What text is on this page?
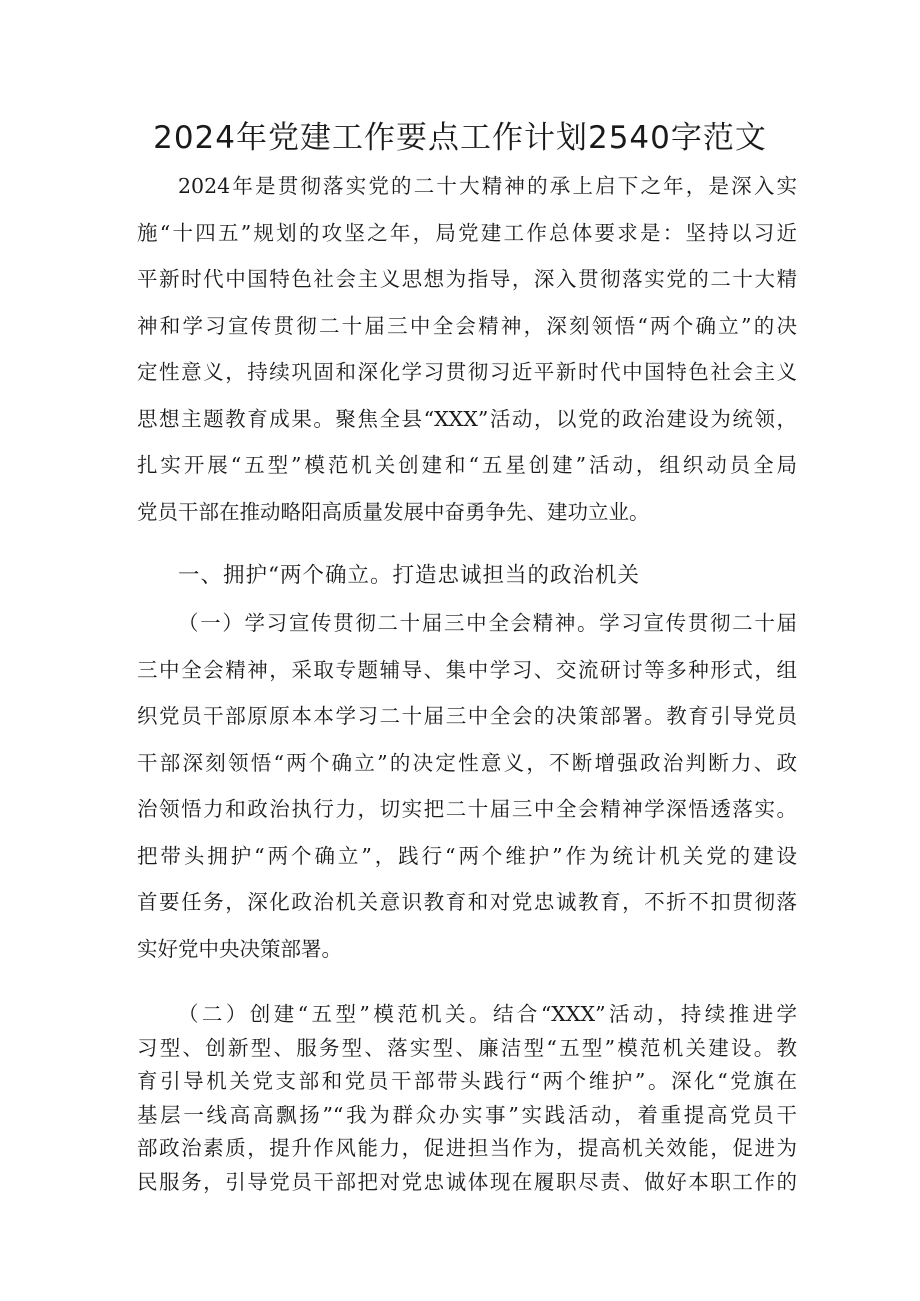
2024年党建工作要点工作计划2540字范文
2024年是贯彻落实党的二十大精神的承上启下之年，是深入实
施“十四五”规划的攻坚之年，局党建工作总体要求是：坚持以习近
平新时代中国特色社会主义思想为指导，深入贯彻落实党的二十大精
神和学习宣传贯彻二十届三中全会精神，深刻领悟“两个确立”的决
定性意义，持续巩固和深化学习贯彻习近平新时代中国特色社会主义
思想主题教育成果。聚焦全县“XXX”活动，以党的政治建设为统领，
扎实开展“五型”模范机关创建和“五星创建”活动，组织动员全局
党员干部在推动略阳高质量发展中奋勇争先、建功立业。
一、拥护“两个确立。打造忠诚担当的政治机关
（一）学习宣传贯彻二十届三中全会精神。学习宣传贯彻二十届
三中全会精神，采取专题辅导、集中学习、交流研讨等多种形式，组
织党员干部原原本本学习二十届三中全会的决策部署。教育引导党员
干部深刻领悟“两个确立”的决定性意义，不断增强政治判断力、政
治领悟力和政治执行力，切实把二十届三中全会精神学深悟透落实。
把带头拥护“两个确立”，践行“两个维护”作为统计机关党的建设
首要任务，深化政治机关意识教育和对党忠诚教育，不折不扣贯彻落
实好党中央决策部署。
（二）创建“五型”模范机关。结合“XXX”活动，持续推进学
习型、创新型、服务型、落实型、廉洁型“五型”模范机关建设。教
育引导机关党支部和党员干部带头践行“两个维护”。深化“党旗在
基层一线高高飘扬”“我为群众办实事”实践活动，着重提高党员干
部政治素质，提升作风能力，促进担当作为，提高机关效能，促进为
民服务，引导党员干部把对党忠诚体现在履职尽责、做好本职工作的
